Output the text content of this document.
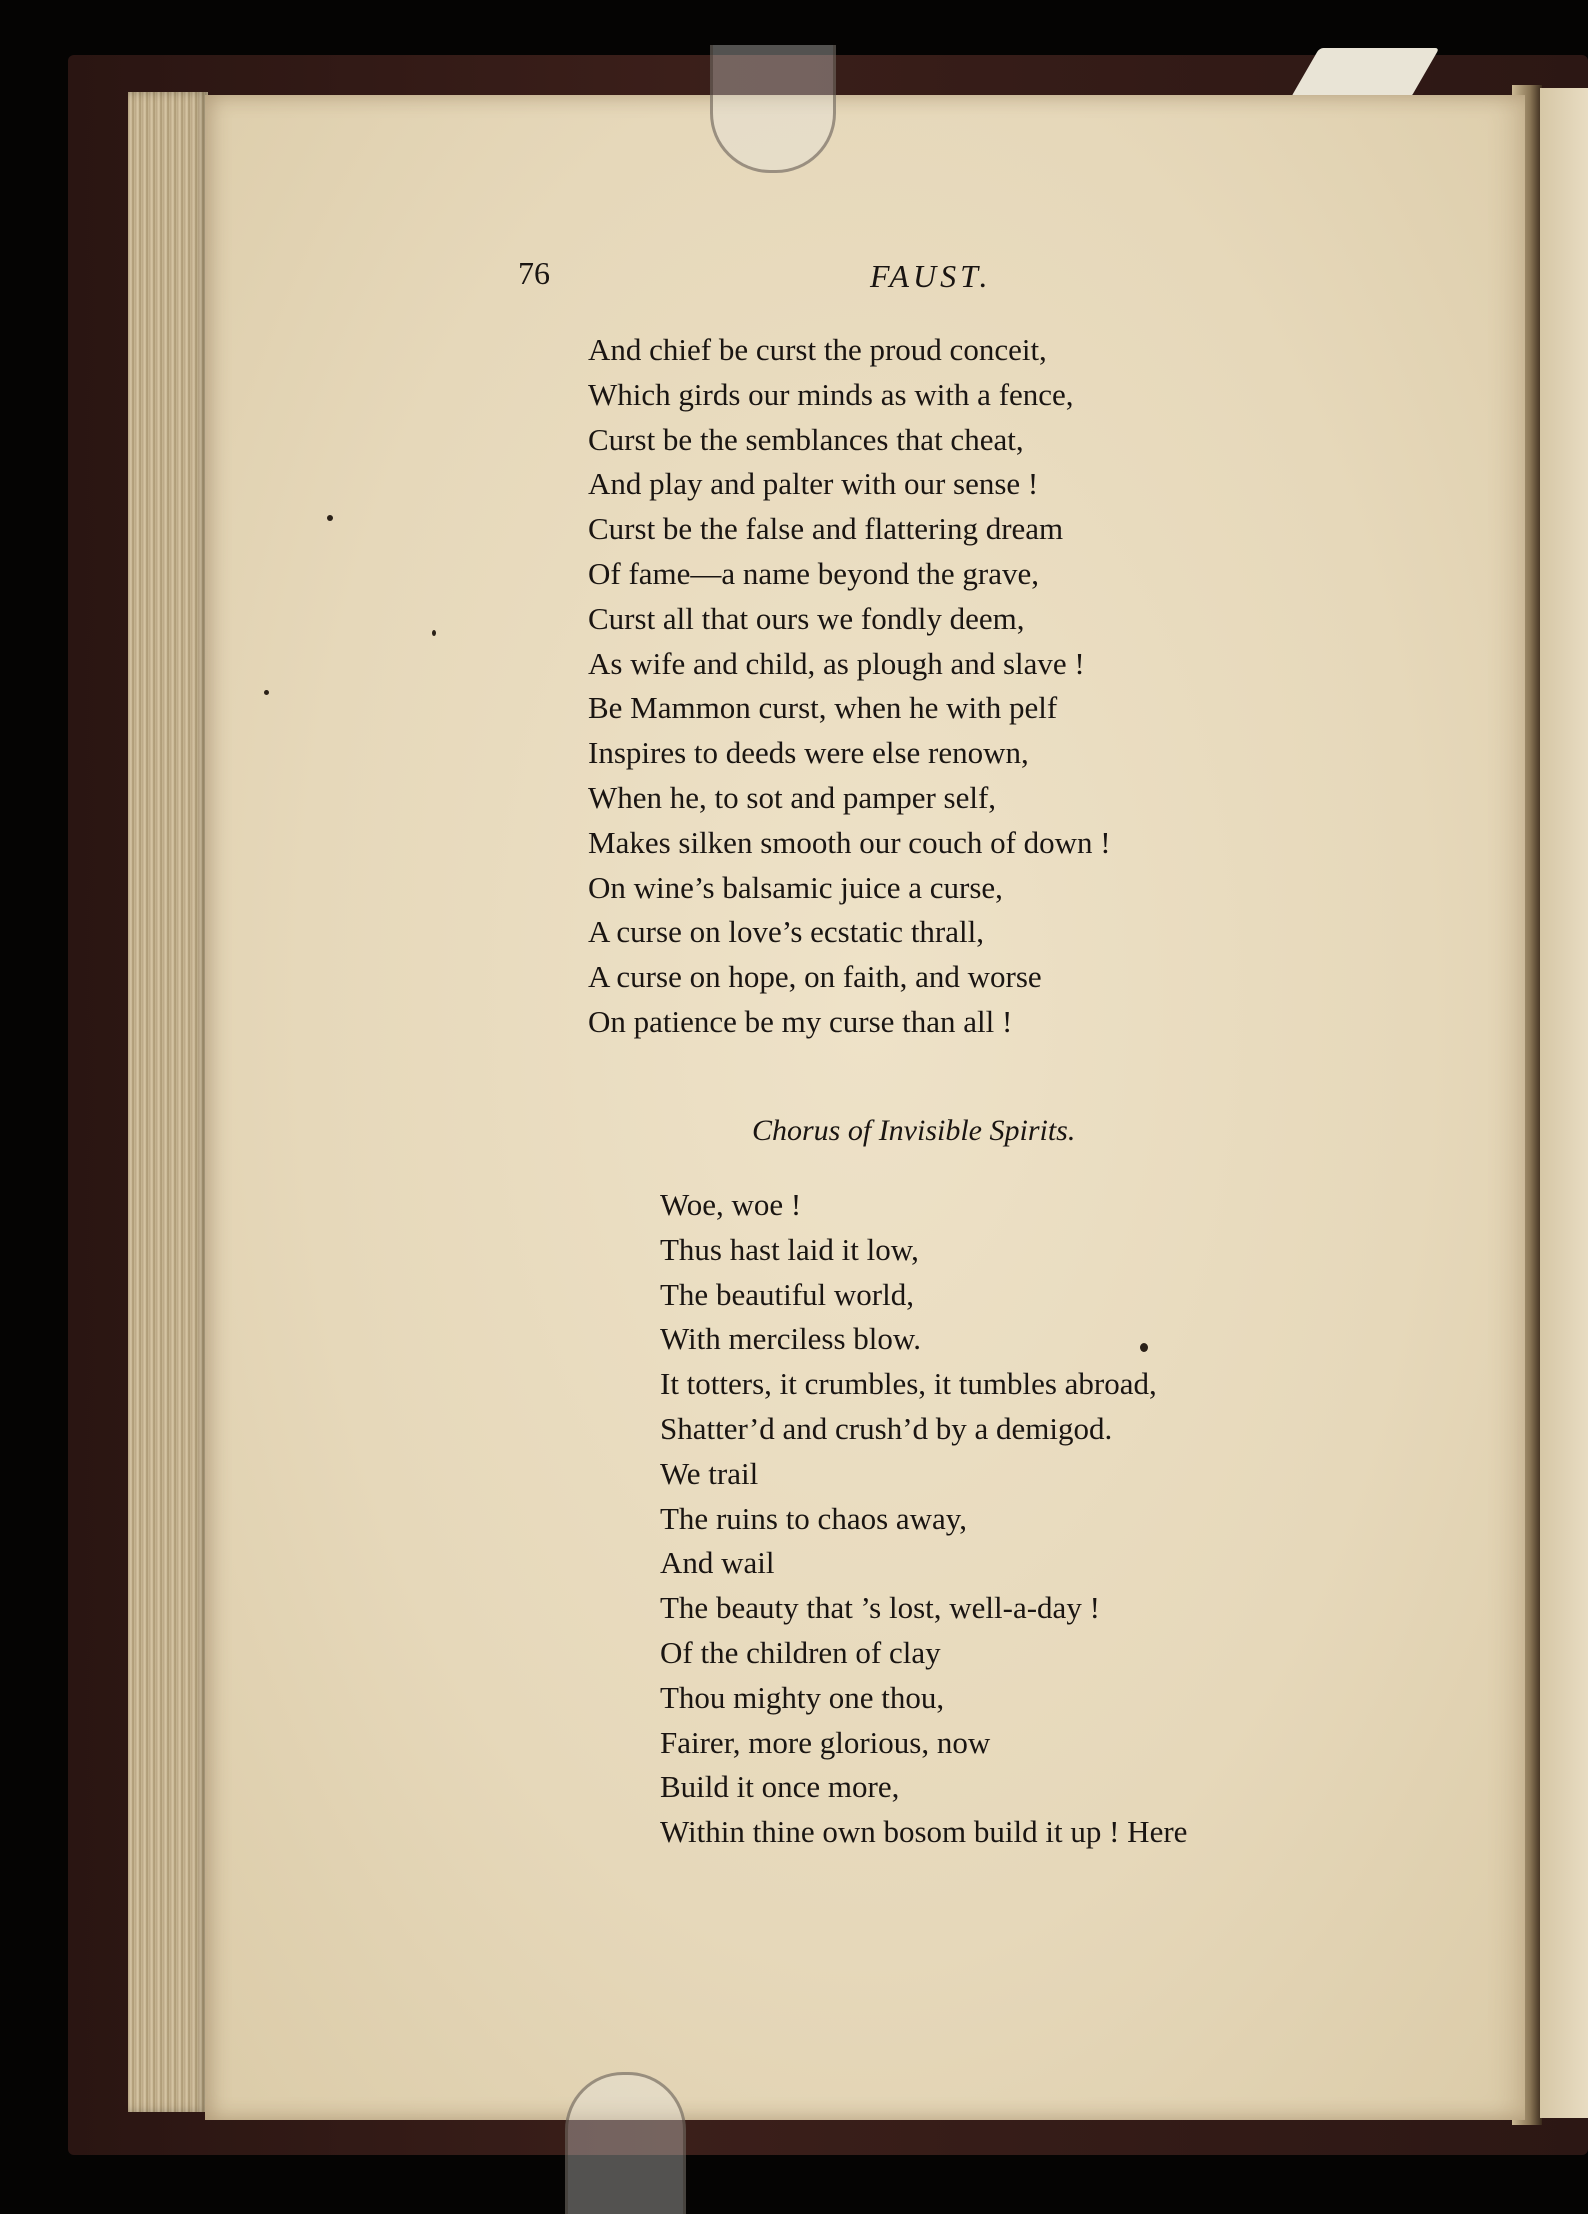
76	FAUST.

And chief be curst the proud conceit,
Which girds our minds as with a fence,
Curst be the semblances that cheat,
And play and palter with our sense !
Curst be the false and flattering dream
Of fame—a name beyond the grave,
Curst all that ours we fondly deem,
As wife and child, as plough and slave !
Be Mammon curst, when he with pelf
Inspires to deeds were else renown,
When he, to sot and pamper self,
Makes silken smooth our couch of down !
On wine’s balsamic juice a curse,
A curse on love’s ecstatic thrall,
A curse on hope, on faith, and worse
On patience be my curse than all !

Chorus of Invisible Spirits.

Woe, woe !
Thus hast laid it low,
The beautiful world,
With merciless blow.
It totters, it crumbles, it tumbles abroad,
Shatter’d and crush’d by a demigod.
We trail
The ruins to chaos away,
And wail
The beauty that ’s lost, well-a-day !
Of the children of clay
Thou mighty one thou,
Fairer, more glorious, now
Build it once more,
Within thine own bosom build it up ! Here
